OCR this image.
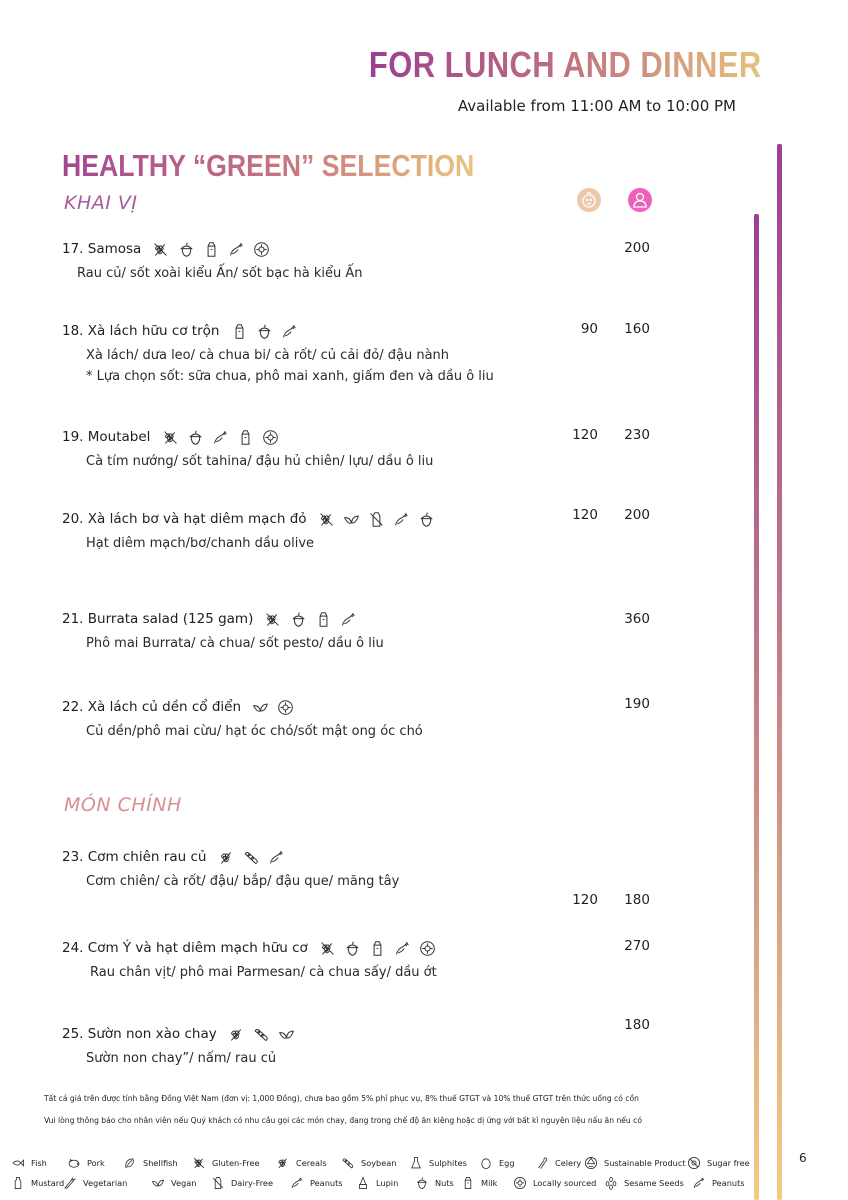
FOR LUNCH AND DINNER
Available from 11:00 AM to 10:00 PM
HEALTHY “GREEN” SELECTION
KHAI VỊ
MÓN CHÍNH
17. Samosa
Rau củ/ sốt xoài kiểu Ấn/ sốt bạc hà kiểu Ấn
200
18. Xà lách hữu cơ trộn
Xà lách/ dưa leo/ cà chua bi/ cà rốt/ củ cải đỏ/ đậu nành
* Lựa chọn sốt: sữa chua, phô mai xanh, giấm đen và dầu ô liu
90	160
19. Moutabel
Cà tím nướng/ sốt tahina/ đậu hủ chiên/ lựu/ dầu ô liu
120	230
20. Xà lách bơ và hạt diêm mạch đỏ
Hạt diêm mạch/bơ/chanh dầu olive
120	200
21. Burrata salad (125 gam)
Phô mai Burrata/ cà chua/ sốt pesto/ dầu ô liu
360
22. Xà lách củ dền cổ điển
Củ dền/phô mai cừu/ hạt óc chó/sốt mật ong óc chó
190
23. Cơm chiên rau củ
Cơm chiên/ cà rốt/ đậu/ bắp/ đậu que/ măng tây
120	180
24. Cơm Ý và hạt diêm mạch hữu cơ
Rau chân vịt/ phô mai Parmesan/ cà chua sấy/ dầu ớt
270
25. Sườn non xào chay
Sườn non chay”/ nấm/ rau củ
180
Tất cả giá trên được tính bằng Đồng Việt Nam (đơn vị: 1,000 Đồng), chưa bao gồm 5% phí phục vụ, 8% thuế GTGT và 10% thuế GTGT trên thức uống có cồn
Vui lòng thông báo cho nhân viên nếu Quý khách có nhu cầu gọi các món chay, đang trong chế độ ăn kiêng hoặc dị ứng với bất kì nguyên liệu nấu ăn nếu có
Fish	Pork	Shellfish	Gluten-Free	Cereals	Soybean	Sulphites	Egg	Celery	Sustainable Product	Sugar free
Mustard Vegetarian	Vegan	Dairy-Free	Peanuts	Lupin	Nuts	Milk	Locally sourced	Sesame Seeds	Peanuts
6
